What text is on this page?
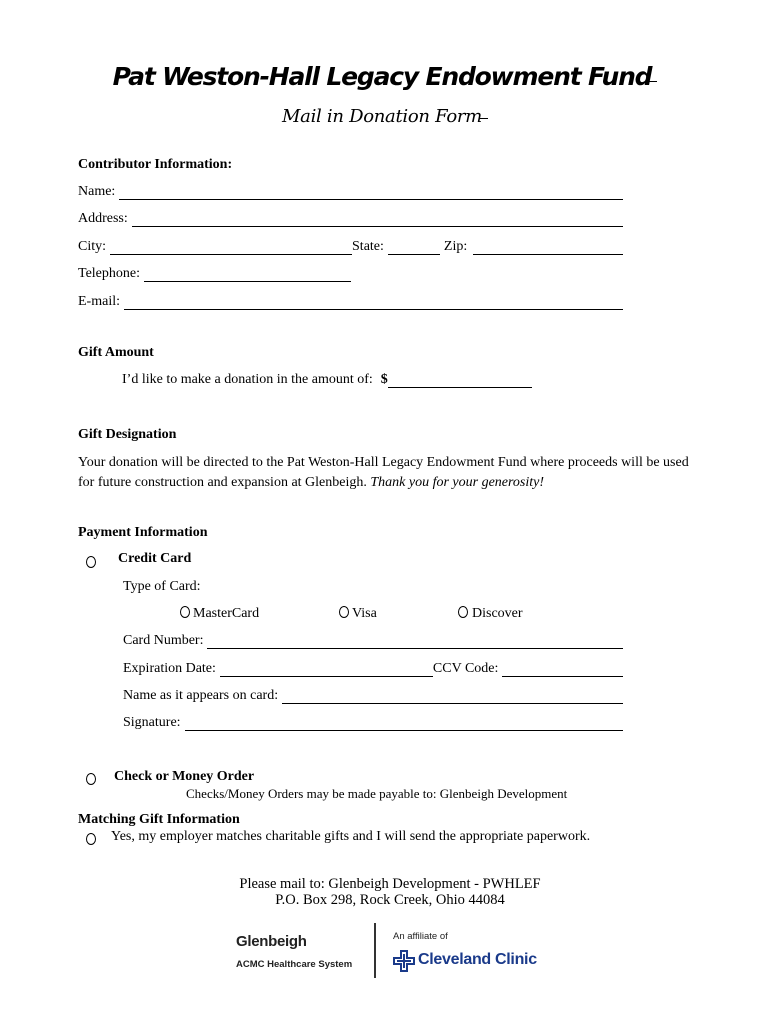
Pat Weston-Hall Legacy Endowment Fund
Mail in Donation Form
Contributor Information:
Name:
Address:
City:	State:	Zip:
Telephone:
E-mail:
Gift Amount
I’d like to make a donation in the amount of: $
Gift Designation
Your donation will be directed to the Pat Weston-Hall Legacy Endowment Fund where proceeds will be used for future construction and expansion at Glenbeigh. Thank you for your generosity!
Payment Information
Credit Card
Type of Card:
MasterCard	Visa	Discover
Card Number:
Expiration Date:	CCV Code:
Name as it appears on card:
Signature:
Check or Money Order
Checks/Money Orders may be made payable to: Glenbeigh Development
Matching Gift Information
Yes, my employer matches charitable gifts and I will send the appropriate paperwork.
Please mail to: Glenbeigh Development - PWHLEF
P.O. Box 298, Rock Creek, Ohio 44084
Glenbeigh
ACMC Healthcare System
An affiliate of
Cleveland Clinic
